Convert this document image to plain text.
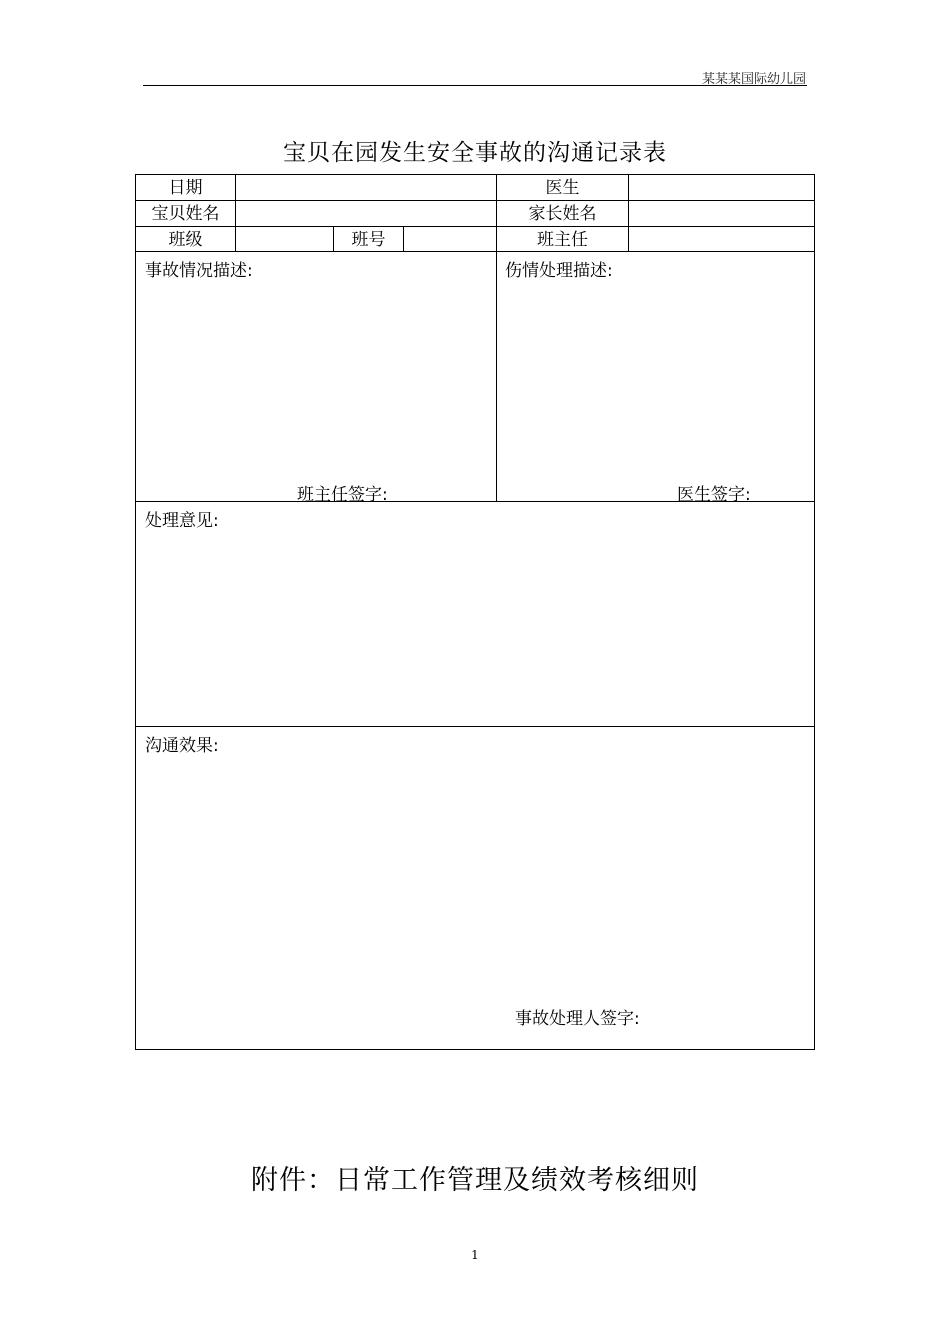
某某某国际幼儿园
宝贝在园发生安全事故的沟通记录表
日期	医生
宝贝姓名	家长姓名
班级	班号	班主任
事故情况描述:
班主任签字:
伤情处理描述:
医生签字:
处理意见:
沟通效果:
事故处理人签字:
附件：日常工作管理及绩效考核细则
1
